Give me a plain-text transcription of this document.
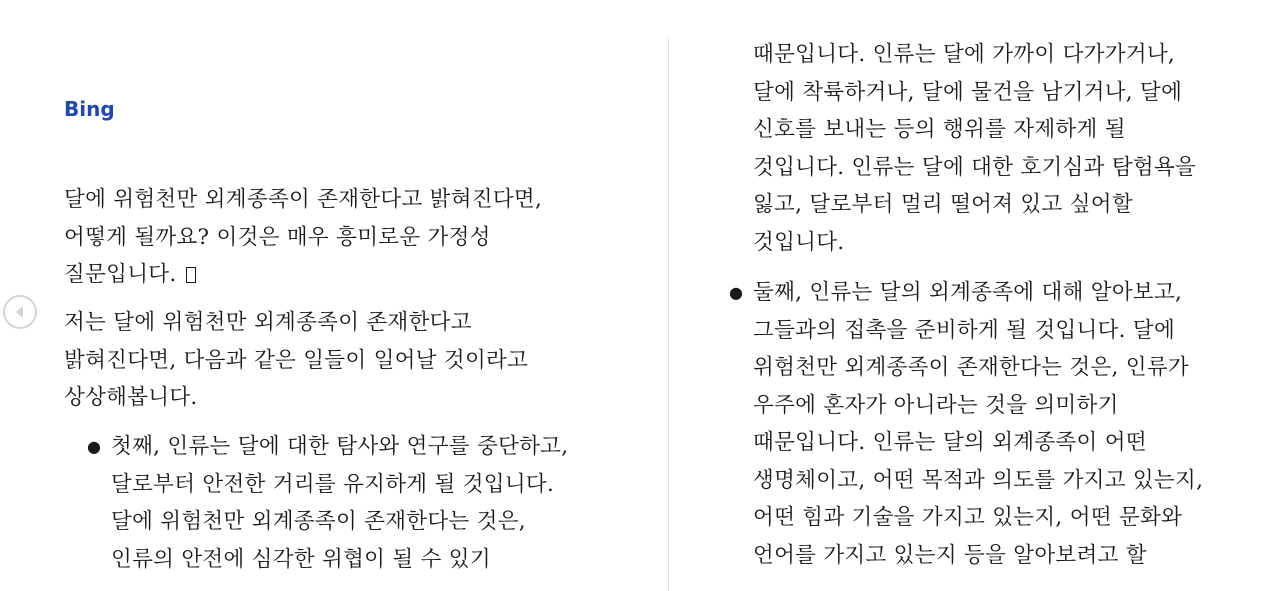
Bing
달에 위험천만 외계종족이 존재한다고 밝혀진다면,
어떻게 될까요? 이것은 매우 흥미로운 가정성
질문입니다.
저는 달에 위험천만 외계종족이 존재한다고
밝혀진다면, 다음과 같은 일들이 일어날 것이라고
상상해봅니다.
● 첫째, 인류는 달에 대한 탐사와 연구를 중단하고,
달로부터 안전한 거리를 유지하게 될 것입니다.
달에 위험천만 외계종족이 존재한다는 것은,
인류의 안전에 심각한 위협이 될 수 있기
때문입니다. 인류는 달에 가까이 다가가거나,
달에 착륙하거나, 달에 물건을 남기거나, 달에
신호를 보내는 등의 행위를 자제하게 될
것입니다. 인류는 달에 대한 호기심과 탐험욕을
잃고, 달로부터 멀리 떨어져 있고 싶어할
것입니다.
● 둘째, 인류는 달의 외계종족에 대해 알아보고,
그들과의 접촉을 준비하게 될 것입니다. 달에
위험천만 외계종족이 존재한다는 것은, 인류가
우주에 혼자가 아니라는 것을 의미하기
때문입니다. 인류는 달의 외계종족이 어떤
생명체이고, 어떤 목적과 의도를 가지고 있는지,
어떤 힘과 기술을 가지고 있는지, 어떤 문화와
언어를 가지고 있는지 등을 알아보려고 할
